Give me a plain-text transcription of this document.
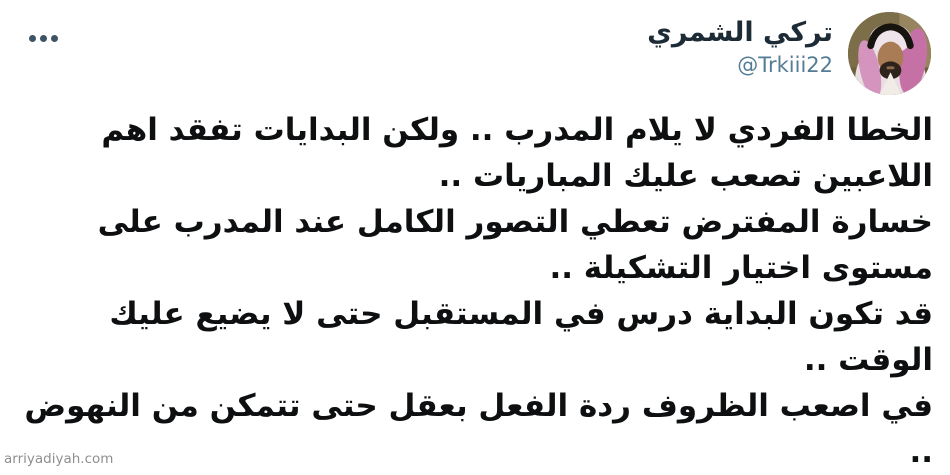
تركي الشمري
@Trkiii22
الخطا الفردي لا يلام المدرب .. ولكن البدايات تفقد اهم
اللاعبين تصعب عليك المباريات ..
خسارة المفترض تعطي التصور الكامل عند المدرب على
مستوى اختيار التشكيلة ..
قد تكون البداية درس في المستقبل حتى لا يضيع عليك
الوقت ..
في اصعب الظروف ردة الفعل بعقل حتى تتمكن من النهوض
..
arriyadiyah.com
